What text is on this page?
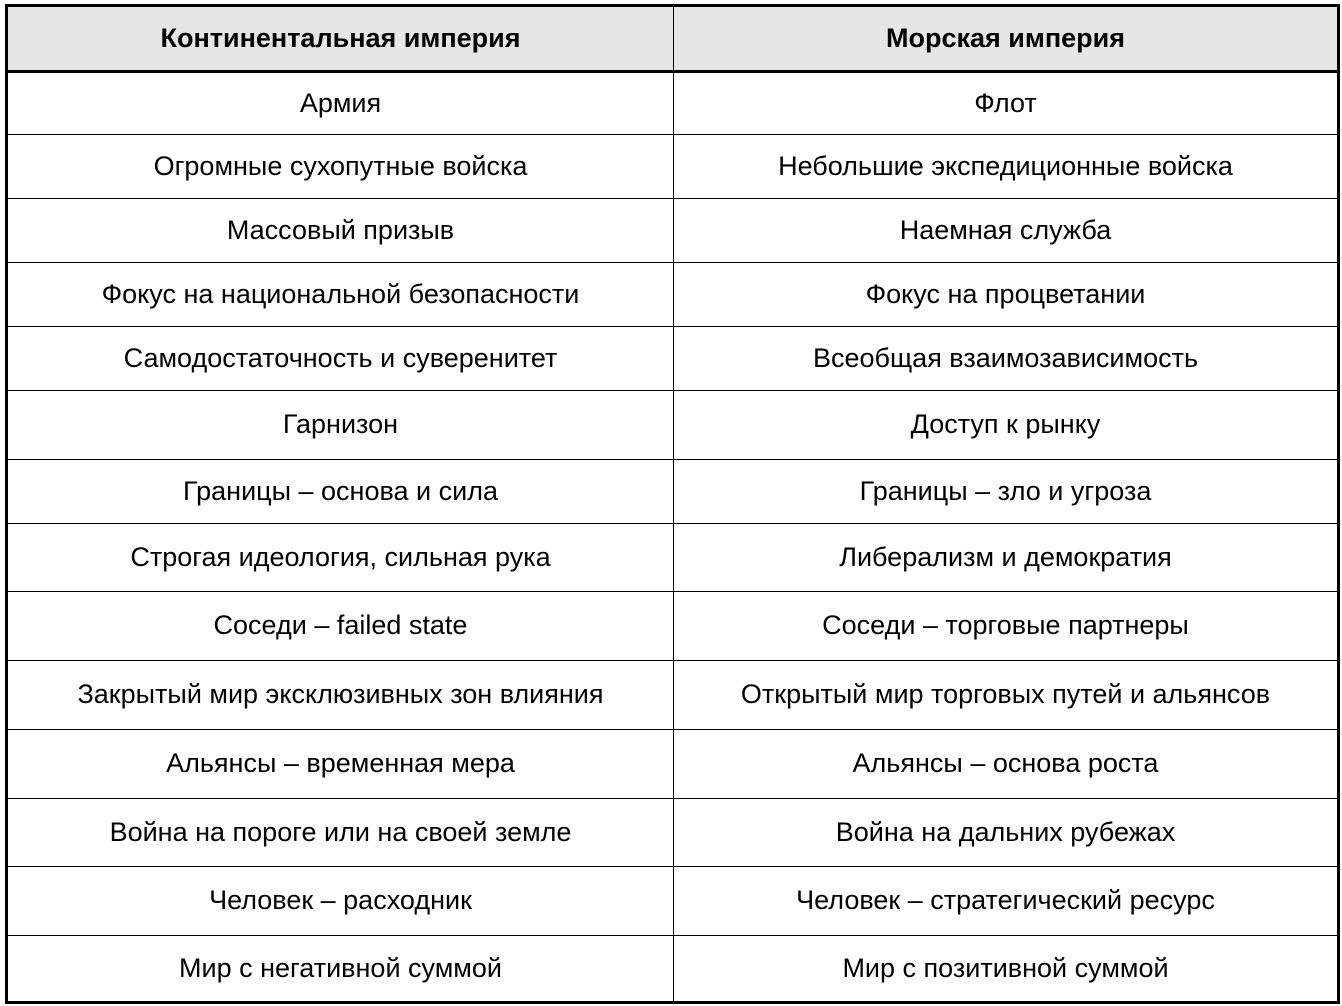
Континентальная империя	Морская империя
Армия	Флот
Огромные сухопутные войска	Небольшие экспедиционные войска
Массовый призыв	Наемная служба
Фокус на национальной безопасности	Фокус на процветании
Самодостаточность и суверенитет	Всеобщая взаимозависимость
Гарнизон	Доступ к рынку
Границы – основа и сила	Границы – зло и угроза
Строгая идеология, сильная рука	Либерализм и демократия
Соседи – failed state	Соседи – торговые партнеры
Закрытый мир эксклюзивных зон влияния	Открытый мир торговых путей и альянсов
Альянсы – временная мера	Альянсы – основа роста
Война на пороге или на своей земле	Война на дальних рубежах
Человек – расходник	Человек – стратегический ресурс
Мир с негативной суммой	Мир с позитивной суммой
